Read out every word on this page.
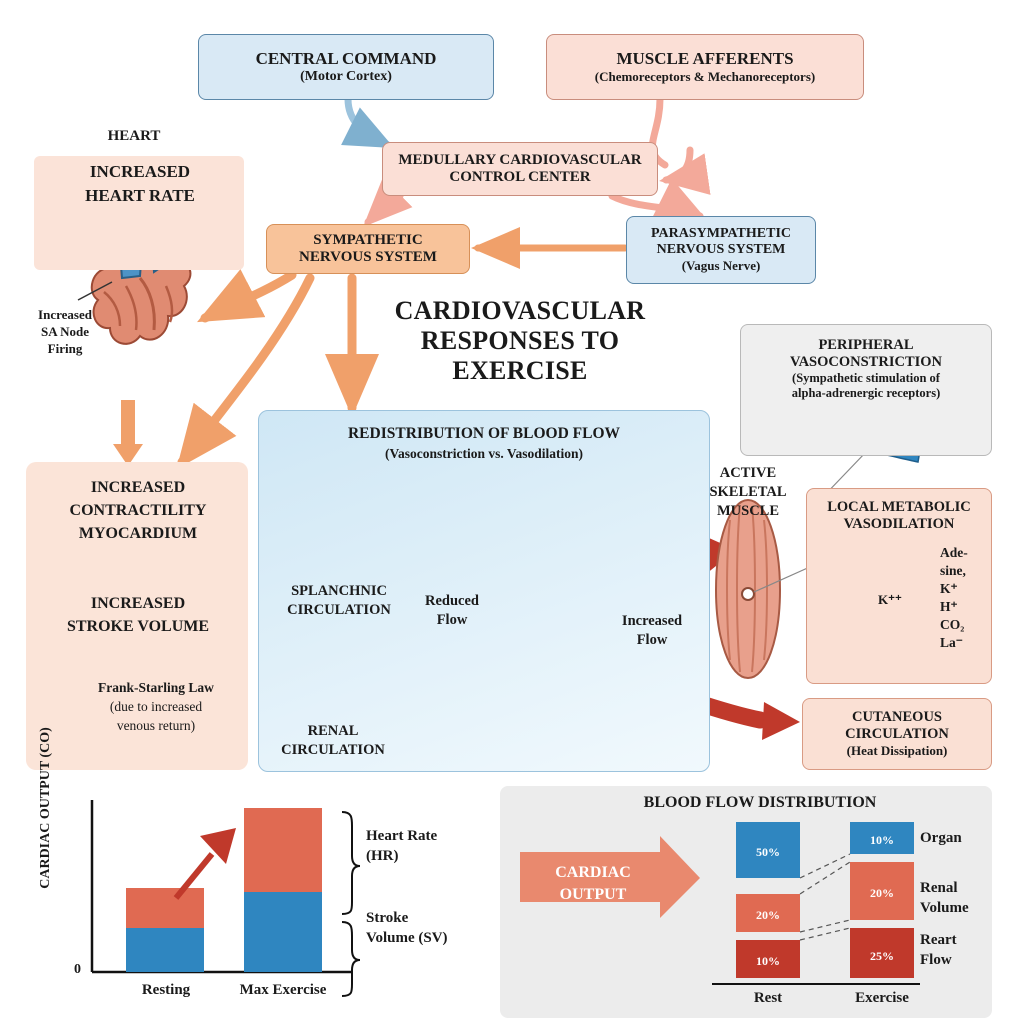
50%
20%
10%
10%
20%
25%
CENTRAL COMMAND
(Motor Cortex)
MUSCLE AFFERENTS
(Chemoreceptors & Mechanoreceptors)
MEDULLARY CARDIOVASCULAR
CONTROL CENTER
SYMPATHETIC
NERVOUS SYSTEM
PARASYMPATHETIC
NERVOUS SYSTEM
(Vagus Nerve)
CARDIOVASCULAR RESPONSES TO EXERCISE
HEART
INCREASED
HEART RATE
Increased
SA Node
Firing
INCREASED
CONTRACTILITY
MYOCARDIUM
INCREASED
STROKE VOLUME
Frank-Starling Law
(due to increased
venous return)
REDISTRIBUTION OF BLOOD FLOW
(Vasoconstriction vs. Vasodilation)
SPLANCHNIC
CIRCULATION
RENAL
CIRCULATION
Reduced
Flow	Increased
Flow
ACTIVE
SKELETAL
MUSCLE
PERIPHERAL
VASOCONSTRICTION
(Sympathetic stimulation of
alpha-adrenergic receptors)
LOCAL METABOLIC
VASODILATION
Ade-
sine,
K⁺
H⁺
CO₂
La⁻
K⁺⁺
CUTANEOUS
CIRCULATION
(Heat Dissipation)
CARDIAC OUTPUT (CO)
0
Resting	Max Exercise
Heart Rate
(HR)
Stroke
Volume (SV)
BLOOD FLOW DISTRIBUTION
CARDIAC
OUTPUT
Rest	Exercise
Organ
Renal
Volume
Reart
Flow
